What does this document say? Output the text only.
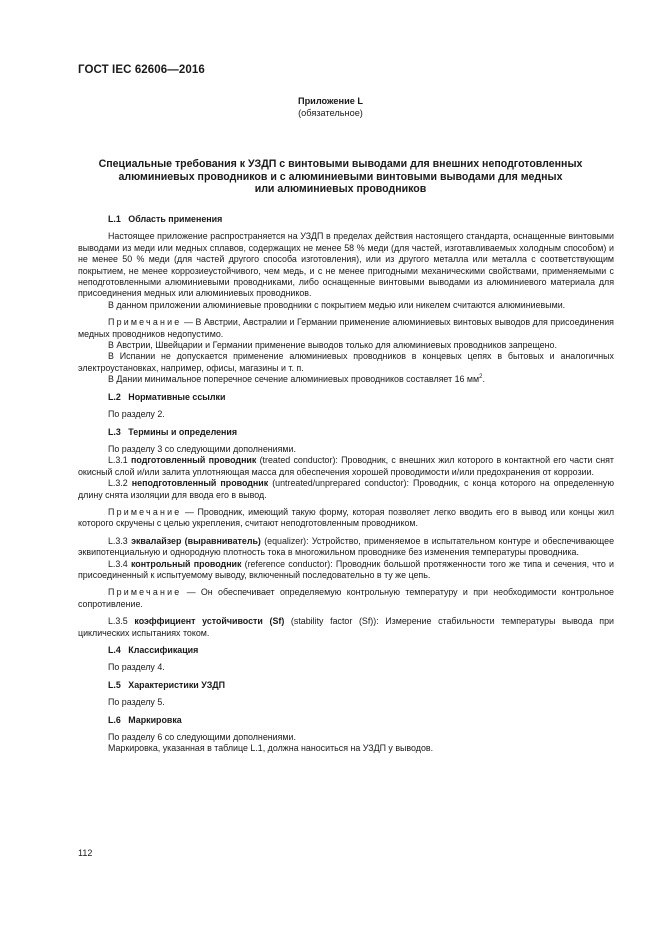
ГОСТ IEC 62606—2016
Приложение L
(обязательное)
Специальные требования к УЗДП с винтовыми выводами для внешних неподготовленных
алюминиевых проводников и с алюминиевыми винтовыми выводами для медных
или алюминиевых проводников
L.1 Область применения

Настоящее приложение распространяется на УЗДП в пределах действия настоящего стандарта, оснащенные винтовыми выводами из меди или медных сплавов, содержащих не менее 58 % меди (для частей, изготавливаемых холодным способом) и не менее 50 % меди (для частей другого способа изготовления), или из другого металла или металла с соответствующим покрытием, не менее коррозиеустойчивого, чем медь, и с не менее пригодными механическими свойствами, применяемыми с неподготовленными алюминиевыми проводниками, либо оснащенные винтовыми выводами из алюминиевого материала для присоединения медных или алюминиевых проводников.

В данном приложении алюминиевые проводники с покрытием медью или никелем считаются алюминиевыми.

Примечание — В Австрии, Австралии и Германии применение алюминиевых винтовых выводов для присоединения медных проводников недопустимо.

В Австрии, Швейцарии и Германии применение выводов только для алюминиевых проводников запрещено.

В Испании не допускается применение алюминиевых проводников в концевых цепях в бытовых и аналогичных электроустановках, например, офисы, магазины и т. п.

В Дании минимальное поперечное сечение алюминиевых проводников составляет 16 $мм^2$.

L.2 Нормативные ссылки

По разделу 2.

L.3 Термины и определения

По разделу 3 со следующими дополнениями.

L.3.1 подготовленный проводник (treated conductor): Проводник, с внешних жил которого в контактной его части снят окисный слой и/или залита уплотняющая масса для обеспечения хорошей проводимости и/или предохранения от коррозии.

L.3.2 неподготовленный проводник (untreated/unprepared conductor): Проводник, с конца которого на определенную длину снята изоляции для ввода его в вывод.

Примечание — Проводник, имеющий такую форму, которая позволяет легко вводить его в вывод или концы жил которого скручены с целью укрепления, считают неподготовленным проводником.

L.3.3 эквалайзер (выравниватель) (equalizer): Устройство, применяемое в испытательном контуре и обеспечивающее эквипотенциальную и однородную плотность тока в многожильном проводнике без изменения температуры проводника.

L.3.4 контрольный проводник (reference conductor): Проводник большой протяженности того же типа и сечения, что и присоединенный к испытуемому выводу, включенный последовательно в ту же цепь.

Примечание — Он обеспечивает определяемую контрольную температуру и при необходимости контрольное сопротивление.

L.3.5 коэффициент устойчивости (Sf) (stability factor (Sf)): Измерение стабильности температуры вывода при циклических испытаниях током.

L.4 Классификация

По разделу 4.

L.5 Характеристики УЗДП

По разделу 5.

L.6 Маркировка

По разделу 6 со следующими дополнениями.

Маркировка, указанная в таблице L.1, должна наноситься на УЗДП у выводов.

112
